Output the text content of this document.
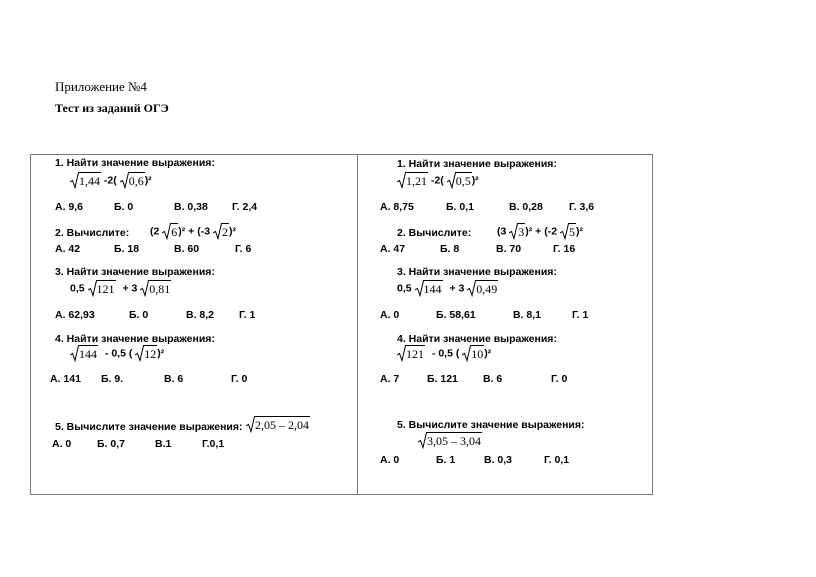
Приложение №4
Тест из заданий ОГЭ
1. Найти значение выражения:
1,44 -2( 0,6)²
А. 9,6	Б. 0	В. 0,38 Г. 2,4
2. Вычислите: (2 6)² + (-3 2)²
А. 42	Б. 18	В. 60	Г. 6
3. Найти значение выражения:
0,5 121 + 3 0,81
А. 62,93	Б. 0	В. 8,2 Г. 1
4. Найти значение выражения:
144 - 0,5 ( 12)²
А. 141 Б. 9.	В. 6	Г. 0
5. Вычислите значение выражения:	2,05 – 2,04
А. 0 Б. 0,7	В.1	Г.0,1
1. Найти значение выражения:
1,21 -2( 0,5)²
А. 8,75	Б. 0,1	В. 0,28 Г. 3,6
2. Вычислите: (3 3)² + (-2 5)²
А. 47	Б. 8	В. 70	Г. 16
3. Найти значение выражения:
0,5 144 + 3 0,49
А. 0	Б. 58,61	В. 8,1	Г. 1
4. Найти значение выражения:
121 - 0,5 ( 10)²
А. 7	Б. 121 В. 6	Г. 0
5. Вычислите значение выражения:
3,05 – 3,04
А. 0	Б. 1	В. 0,3	Г. 0,1
